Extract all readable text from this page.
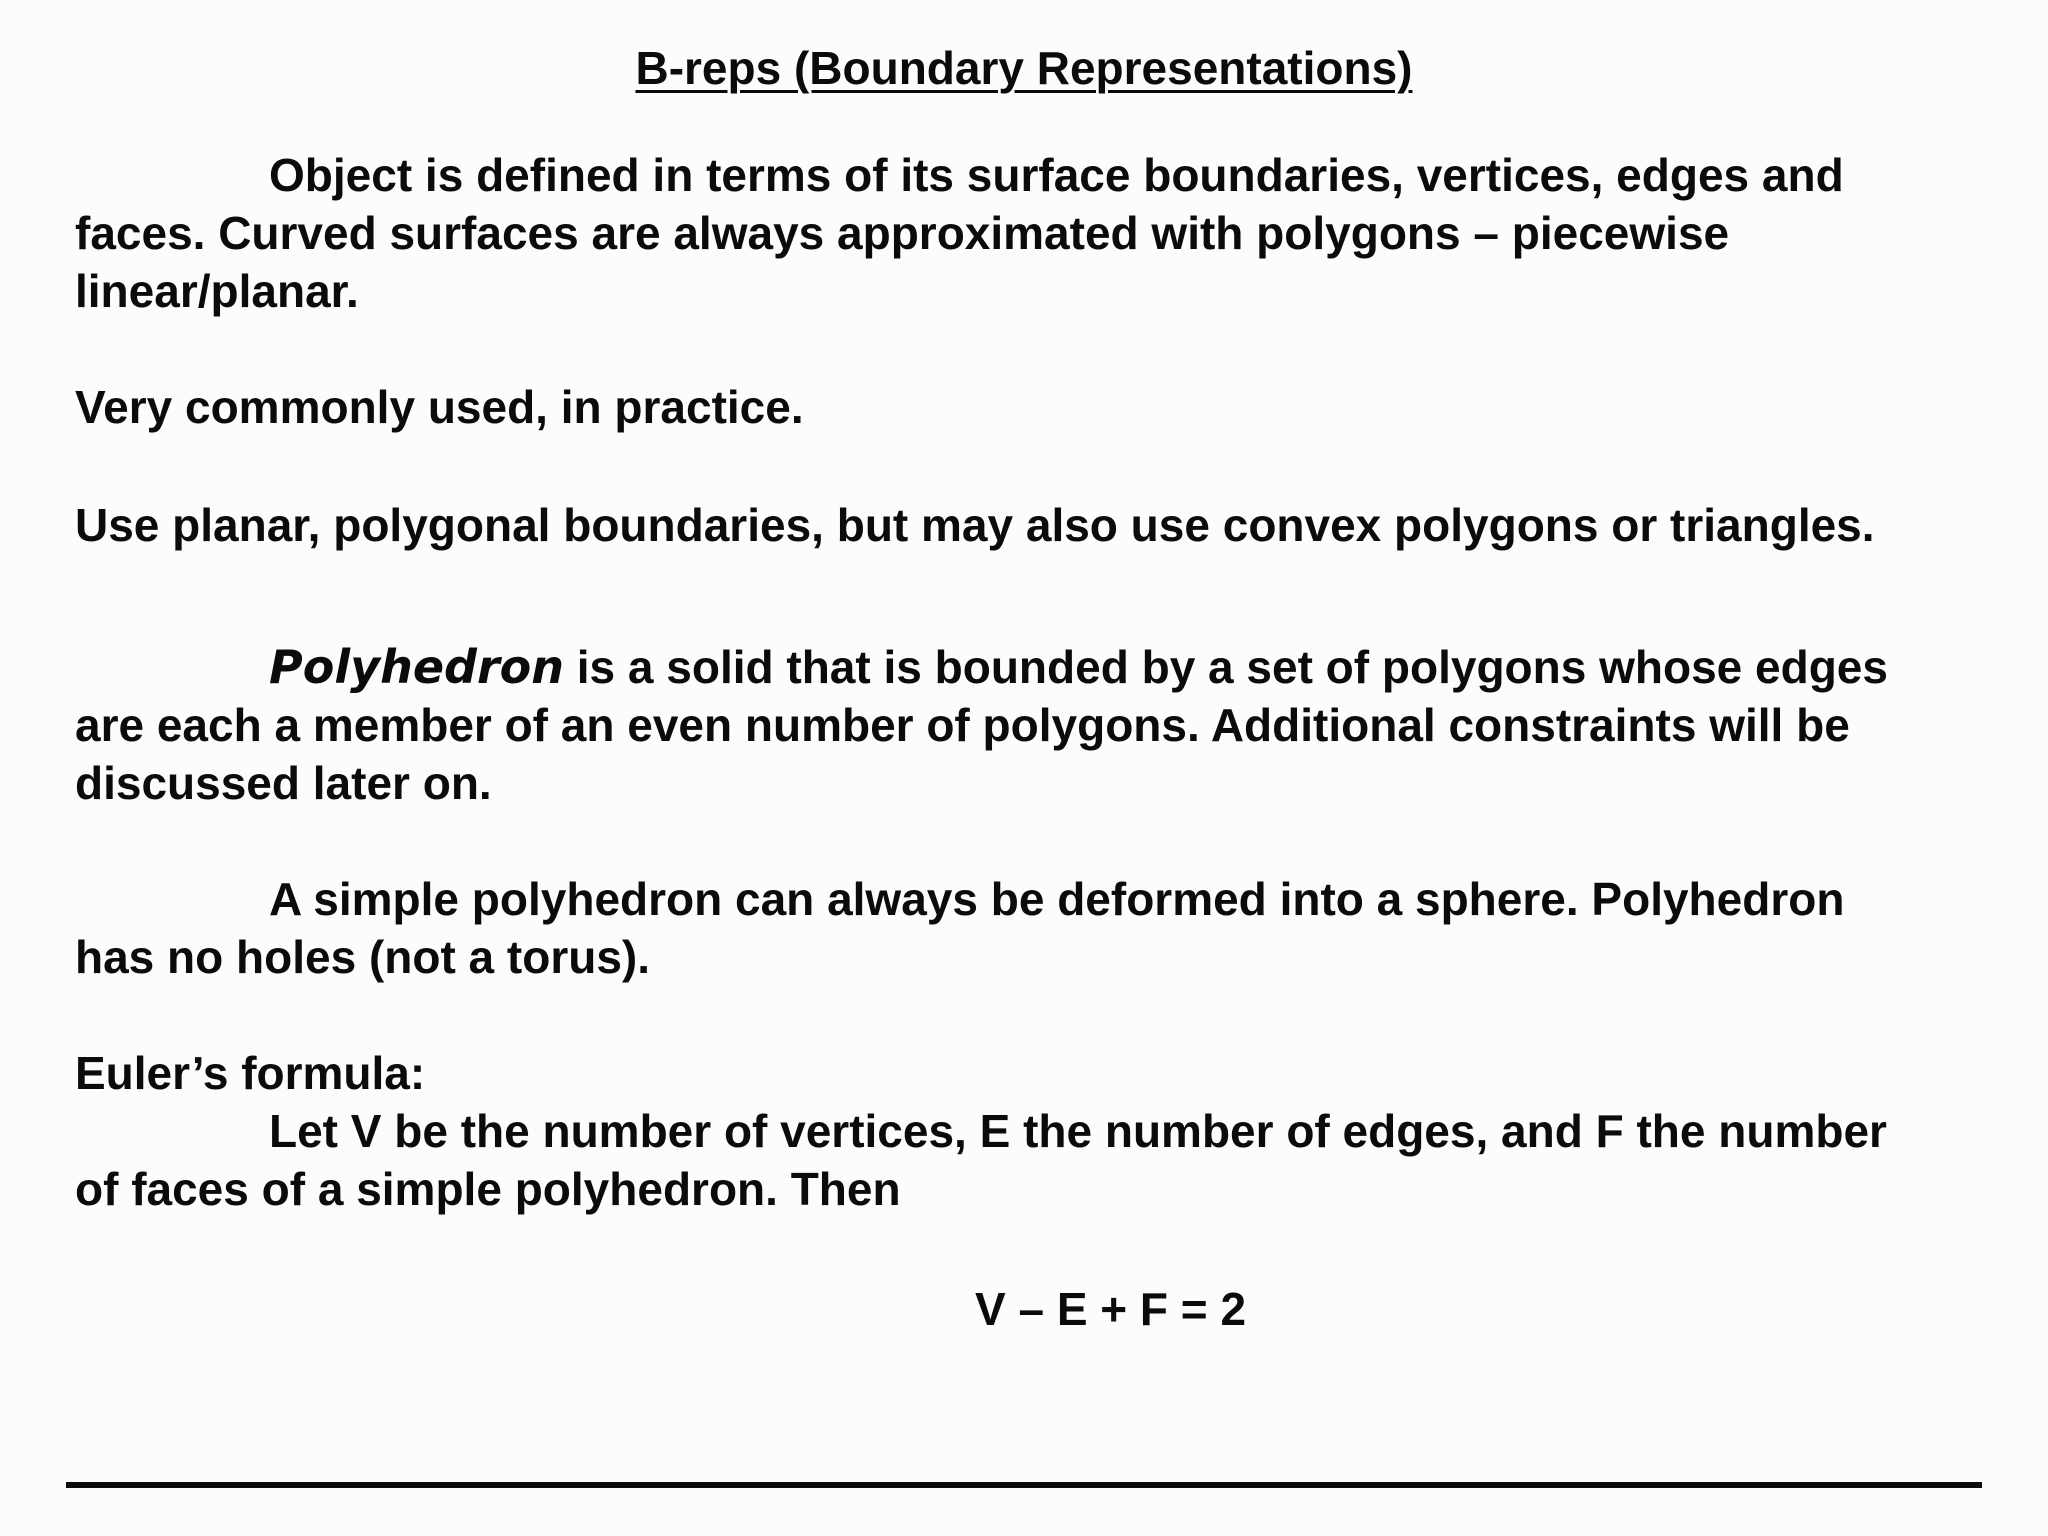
B-reps (Boundary Representations)

Object is defined in terms of its surface boundaries, vertices, edges and
faces. Curved surfaces are always approximated with polygons – piecewise
linear/planar.

Very commonly used, in practice.

Use planar, polygonal boundaries, but may also use convex polygons or triangles.

Polyhedron is a solid that is bounded by a set of polygons whose edges
are each a member of an even number of polygons. Additional constraints will be
discussed later on.

A simple polyhedron can always be deformed into a sphere. Polyhedron
has no holes (not a torus).

Euler’s formula:
Let V be the number of vertices, E the number of edges, and F the number
of faces of a simple polyhedron. Then

V – E + F = 2
